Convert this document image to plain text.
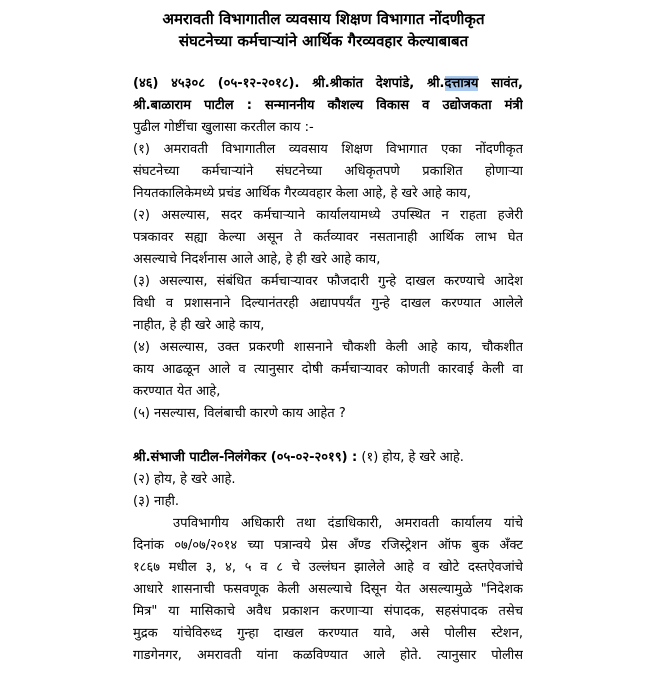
अमरावती विभागातील व्यवसाय शिक्षण विभागात नोंदणीकृत
संघटनेच्या कर्मचाऱ्यांने आर्थिक गैरव्यवहार केल्याबाबत
(४६) ४५३०८ (०५-१२-२०१८). श्री.श्रीकांत देशपांडे, श्री.दत्तात्रय सावंत,
श्री.बाळाराम पाटील : सन्माननीय कौशल्य विकास व उद्योजकता मंत्री
पुढील गोष्टींचा खुलासा करतील काय :-
(१) अमरावती विभागातील व्यवसाय शिक्षण विभागात एका नोंदणीकृत
संघटनेच्या कर्मचाऱ्यांने संघटनेच्या अधिकृतपणे प्रकाशित होणाऱ्या
नियतकालिकेमध्ये प्रचंड आर्थिक गैरव्यवहार केला आहे, हे खरे आहे काय,
(२) असल्यास, सदर कर्मचाऱ्याने कार्यालयामध्ये उपस्थित न राहता हजेरी
पत्रकावर सह्या केल्या असून ते कर्तव्यावर नसतानाही आर्थिक लाभ घेत
असल्याचे निदर्शनास आले आहे, हे ही खरे आहे काय,
(३) असल्यास, संबंधित कर्मचाऱ्यावर फौजदारी गुन्हे दाखल करण्याचे आदेश
विधी व प्रशासनाने दिल्यानंतरही अद्यापपर्यंत गुन्हे दाखल करण्यात आलेले
नाहीत, हे ही खरे आहे काय,
(४) असल्यास, उक्त प्रकरणी शासनाने चौकशी केली आहे काय, चौकशीत
काय आढळून आले व त्यानुसार दोषी कर्मचाऱ्यावर कोणती कारवाई केली वा
करण्यात येत आहे,
(५) नसल्यास, विलंबाची कारणे काय आहेत ?
श्री.संभाजी पाटील-निलंगेकर (०५-०२-२०१९) : (१) होय, हे खरे आहे.
(२) होय, हे खरे आहे.
(३) नाही.
उपविभागीय अधिकारी तथा दंडाधिकारी, अमरावती कार्यालय यांचे
दिनांक ०७/०७/२०१४ च्या पत्रान्वये प्रेस अँण्ड रजिस्ट्रेशन ऑफ बुक अँक्ट
१८६७ मधील ३, ४, ५ व ८ चे उल्लंघन झालेले आहे व खोटे दस्तऐवजांचे
आधारे शासनाची फसवणूक केली असल्याचे दिसून येत असल्यामुळे "निदेशक
मित्र" या मासिकाचे अवैध प्रकाशन करणाऱ्या संपादक, सहसंपादक तसेच
मुद्रक यांचेविरुध्द गुन्हा दाखल करण्यात यावे, असे पोलीस स्टेशन,
गाडगेनगर, अमरावती यांना कळविण्यात आले होते. त्यानुसार पोलीस
